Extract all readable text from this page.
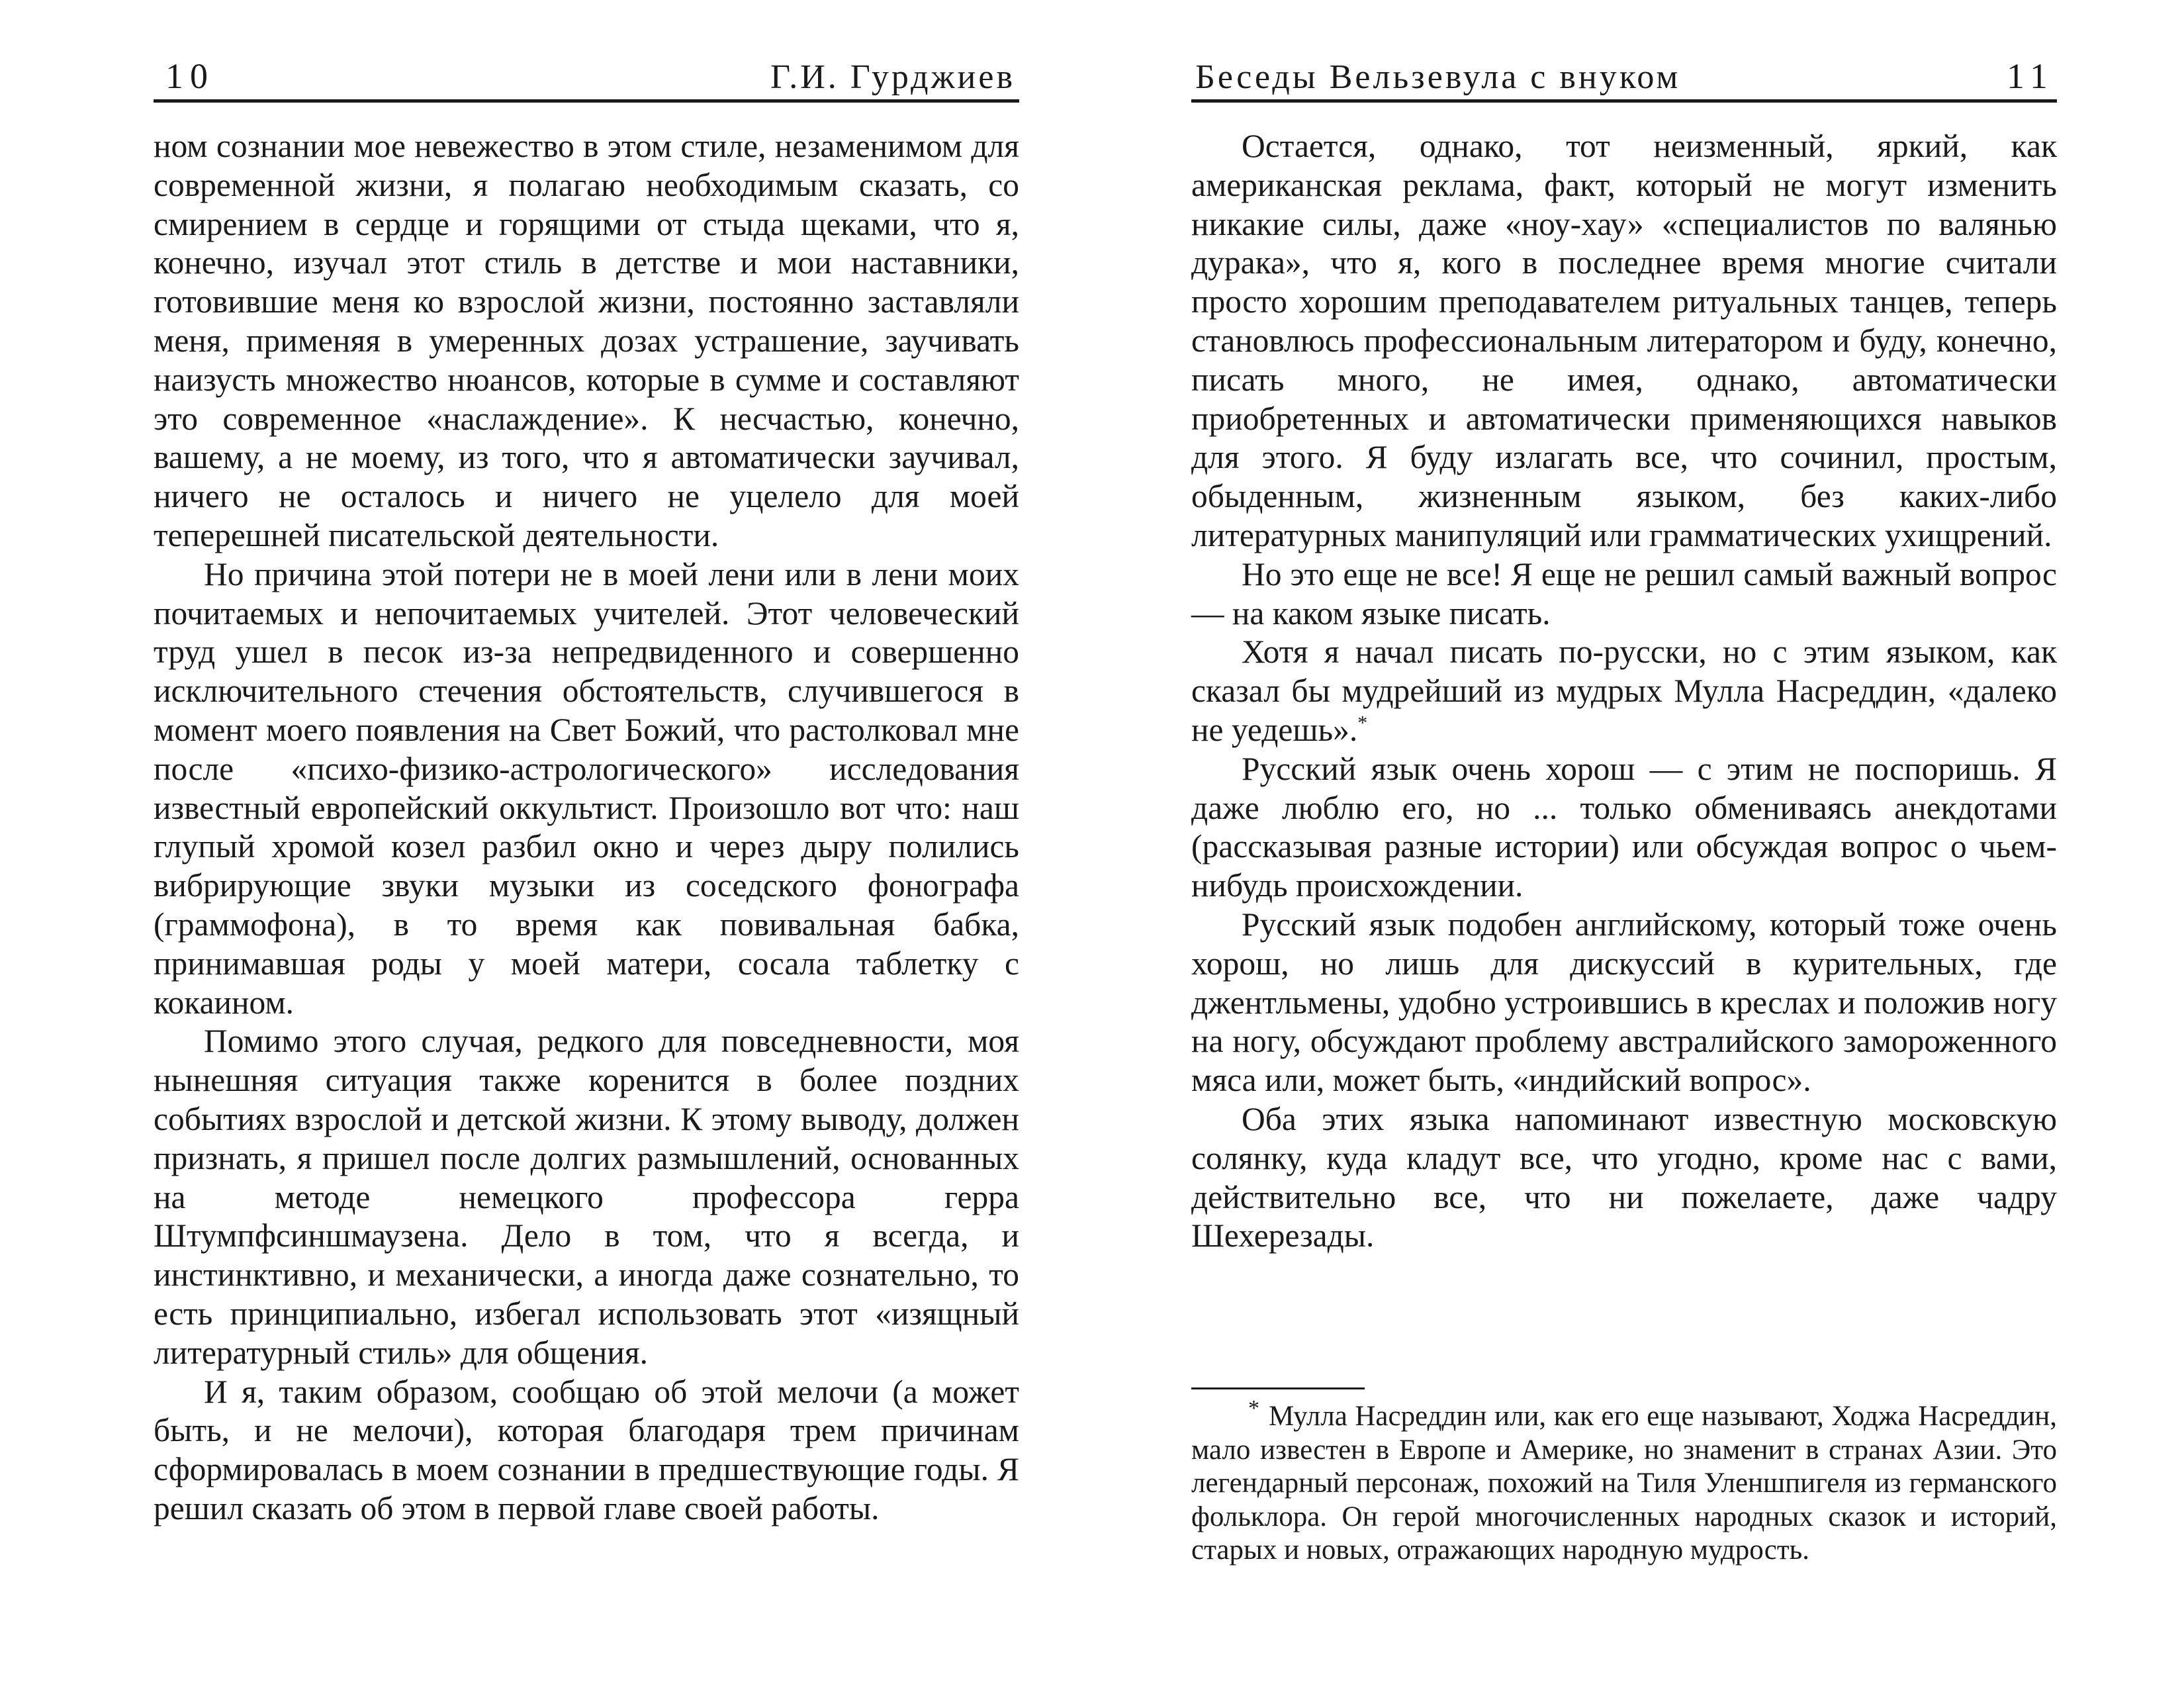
10	Г.И. Гурджиев

ном сознании мое невежество в этом стиле, незаменимом для современной жизни, я полагаю необходимым сказать, со смирением в сердце и горящими от стыда щеками, что я, конечно, изучал этот стиль в детстве и мои наставники, готовившие меня ко взрослой жизни, постоянно заставляли меня, применяя в умеренных дозах устрашение, заучивать наизусть множество нюансов, которые в сумме и составляют это современное «наслаждение». К несчастью, конечно, вашему, а не моему, из того, что я автоматически заучивал, ничего не осталось и ничего не уцелело для моей теперешней писательской деятельности.

Но причина этой потери не в моей лени или в лени моих почитаемых и непочитаемых учителей. Этот человеческий труд ушел в песок из-за непредвиденного и совершенно исключительного стечения обстоятельств, случившегося в момент моего появления на Свет Божий, что растолковал мне после «психо-физико-астрологического» исследования известный европейский оккультист. Произошло вот что: наш глупый хромой козел разбил окно и через дыру полились вибрирующие звуки музыки из соседского фонографа (граммофона), в то время как повивальная бабка, принимавшая роды у моей матери, сосала таблетку с кокаином.

Помимо этого случая, редкого для повседневности, моя нынешняя ситуация также коренится в более поздних событиях взрослой и детской жизни. К этому выводу, должен признать, я пришел после долгих размышлений, основанных на методе немецкого профессора герра Штумпфсиншмаузена. Дело в том, что я всегда, и инстинктивно, и механически, а иногда даже сознательно, то есть принципиально, избегал использовать этот «изящный литературный стиль» для общения.

И я, таким образом, сообщаю об этой мелочи (а может быть, и не мелочи), которая благодаря трем причинам сформировалась в моем сознании в предшествующие годы. Я решил сказать об этом в первой главе своей работы.

Беседы Вельзевула с внуком	11

Остается, однако, тот неизменный, яркий, как американская реклама, факт, который не могут изменить никакие силы, даже «ноу-хау» «специалистов по валянью дурака», что я, кого в последнее время многие считали просто хорошим преподавателем ритуальных танцев, теперь становлюсь профессиональным литератором и буду, конечно, писать много, не имея, однако, автоматически приобретенных и автоматически применяющихся навыков для этого. Я буду излагать все, что сочинил, простым, обыденным, жизненным языком, без каких-либо литературных манипуляций или грамматических ухищрений.

Но это еще не все! Я еще не решил самый важный вопрос — на каком языке писать.

Хотя я начал писать по-русски, но с этим языком, как сказал бы мудрейший из мудрых Мулла Насреддин, «далеко не уедешь».*

Русский язык очень хорош — с этим не поспоришь. Я даже люблю его, но ... только обмениваясь анекдотами (рассказывая разные истории) или обсуждая вопрос о чьем-нибудь происхождении.

Русский язык подобен английскому, который тоже очень хорош, но лишь для дискуссий в курительных, где джентльмены, удобно устроившись в креслах и положив ногу на ногу, обсуждают проблему австралийского замороженного мяса или, может быть, «индийский вопрос».

Оба этих языка напоминают известную московскую солянку, куда кладут все, что угодно, кроме нас с вами, действительно все, что ни пожелаете, даже чадру Шехерезады.

* Мулла Насреддин или, как его еще называют, Ходжа Насреддин, мало известен в Европе и Америке, но знаменит в странах Азии. Это легендарный персонаж, похожий на Тиля Уленшпигеля из германского фольклора. Он герой многочисленных народных сказок и историй, старых и новых, отражающих народную мудрость.
